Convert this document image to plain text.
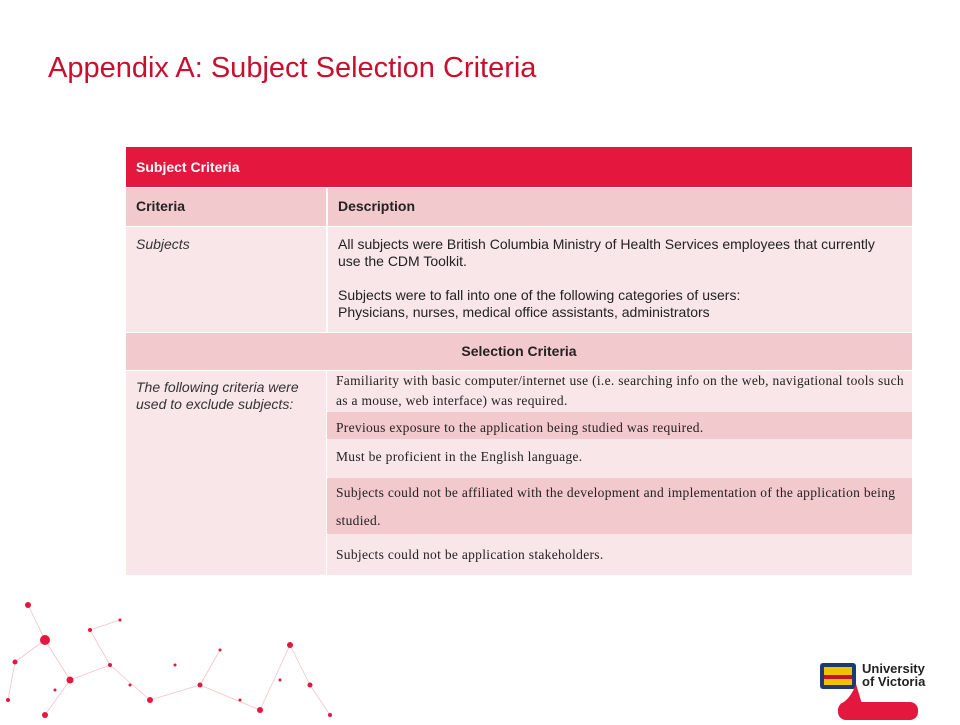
Appendix A: Subject Selection Criteria
Subject Criteria
Criteria	Description
Subjects	All subjects were British Columbia Ministry of Health Services employees that currently use the CDM Toolkit.

Subjects were to fall into one of the following categories of users:

Physicians, nurses, medical office assistants, administrators

Selection Criteria
The following criteria were used to exclude subjects:
Familiarity with basic computer/internet use (i.e. searching info on the web, navigational tools such as a mouse, web interface) was required.
Previous exposure to the application being studied was required.
Must be proficient in the English language.
Subjects could not be affiliated with the development and implementation of the application being studied.
Subjects could not be application stakeholders.
University
of Victoria
